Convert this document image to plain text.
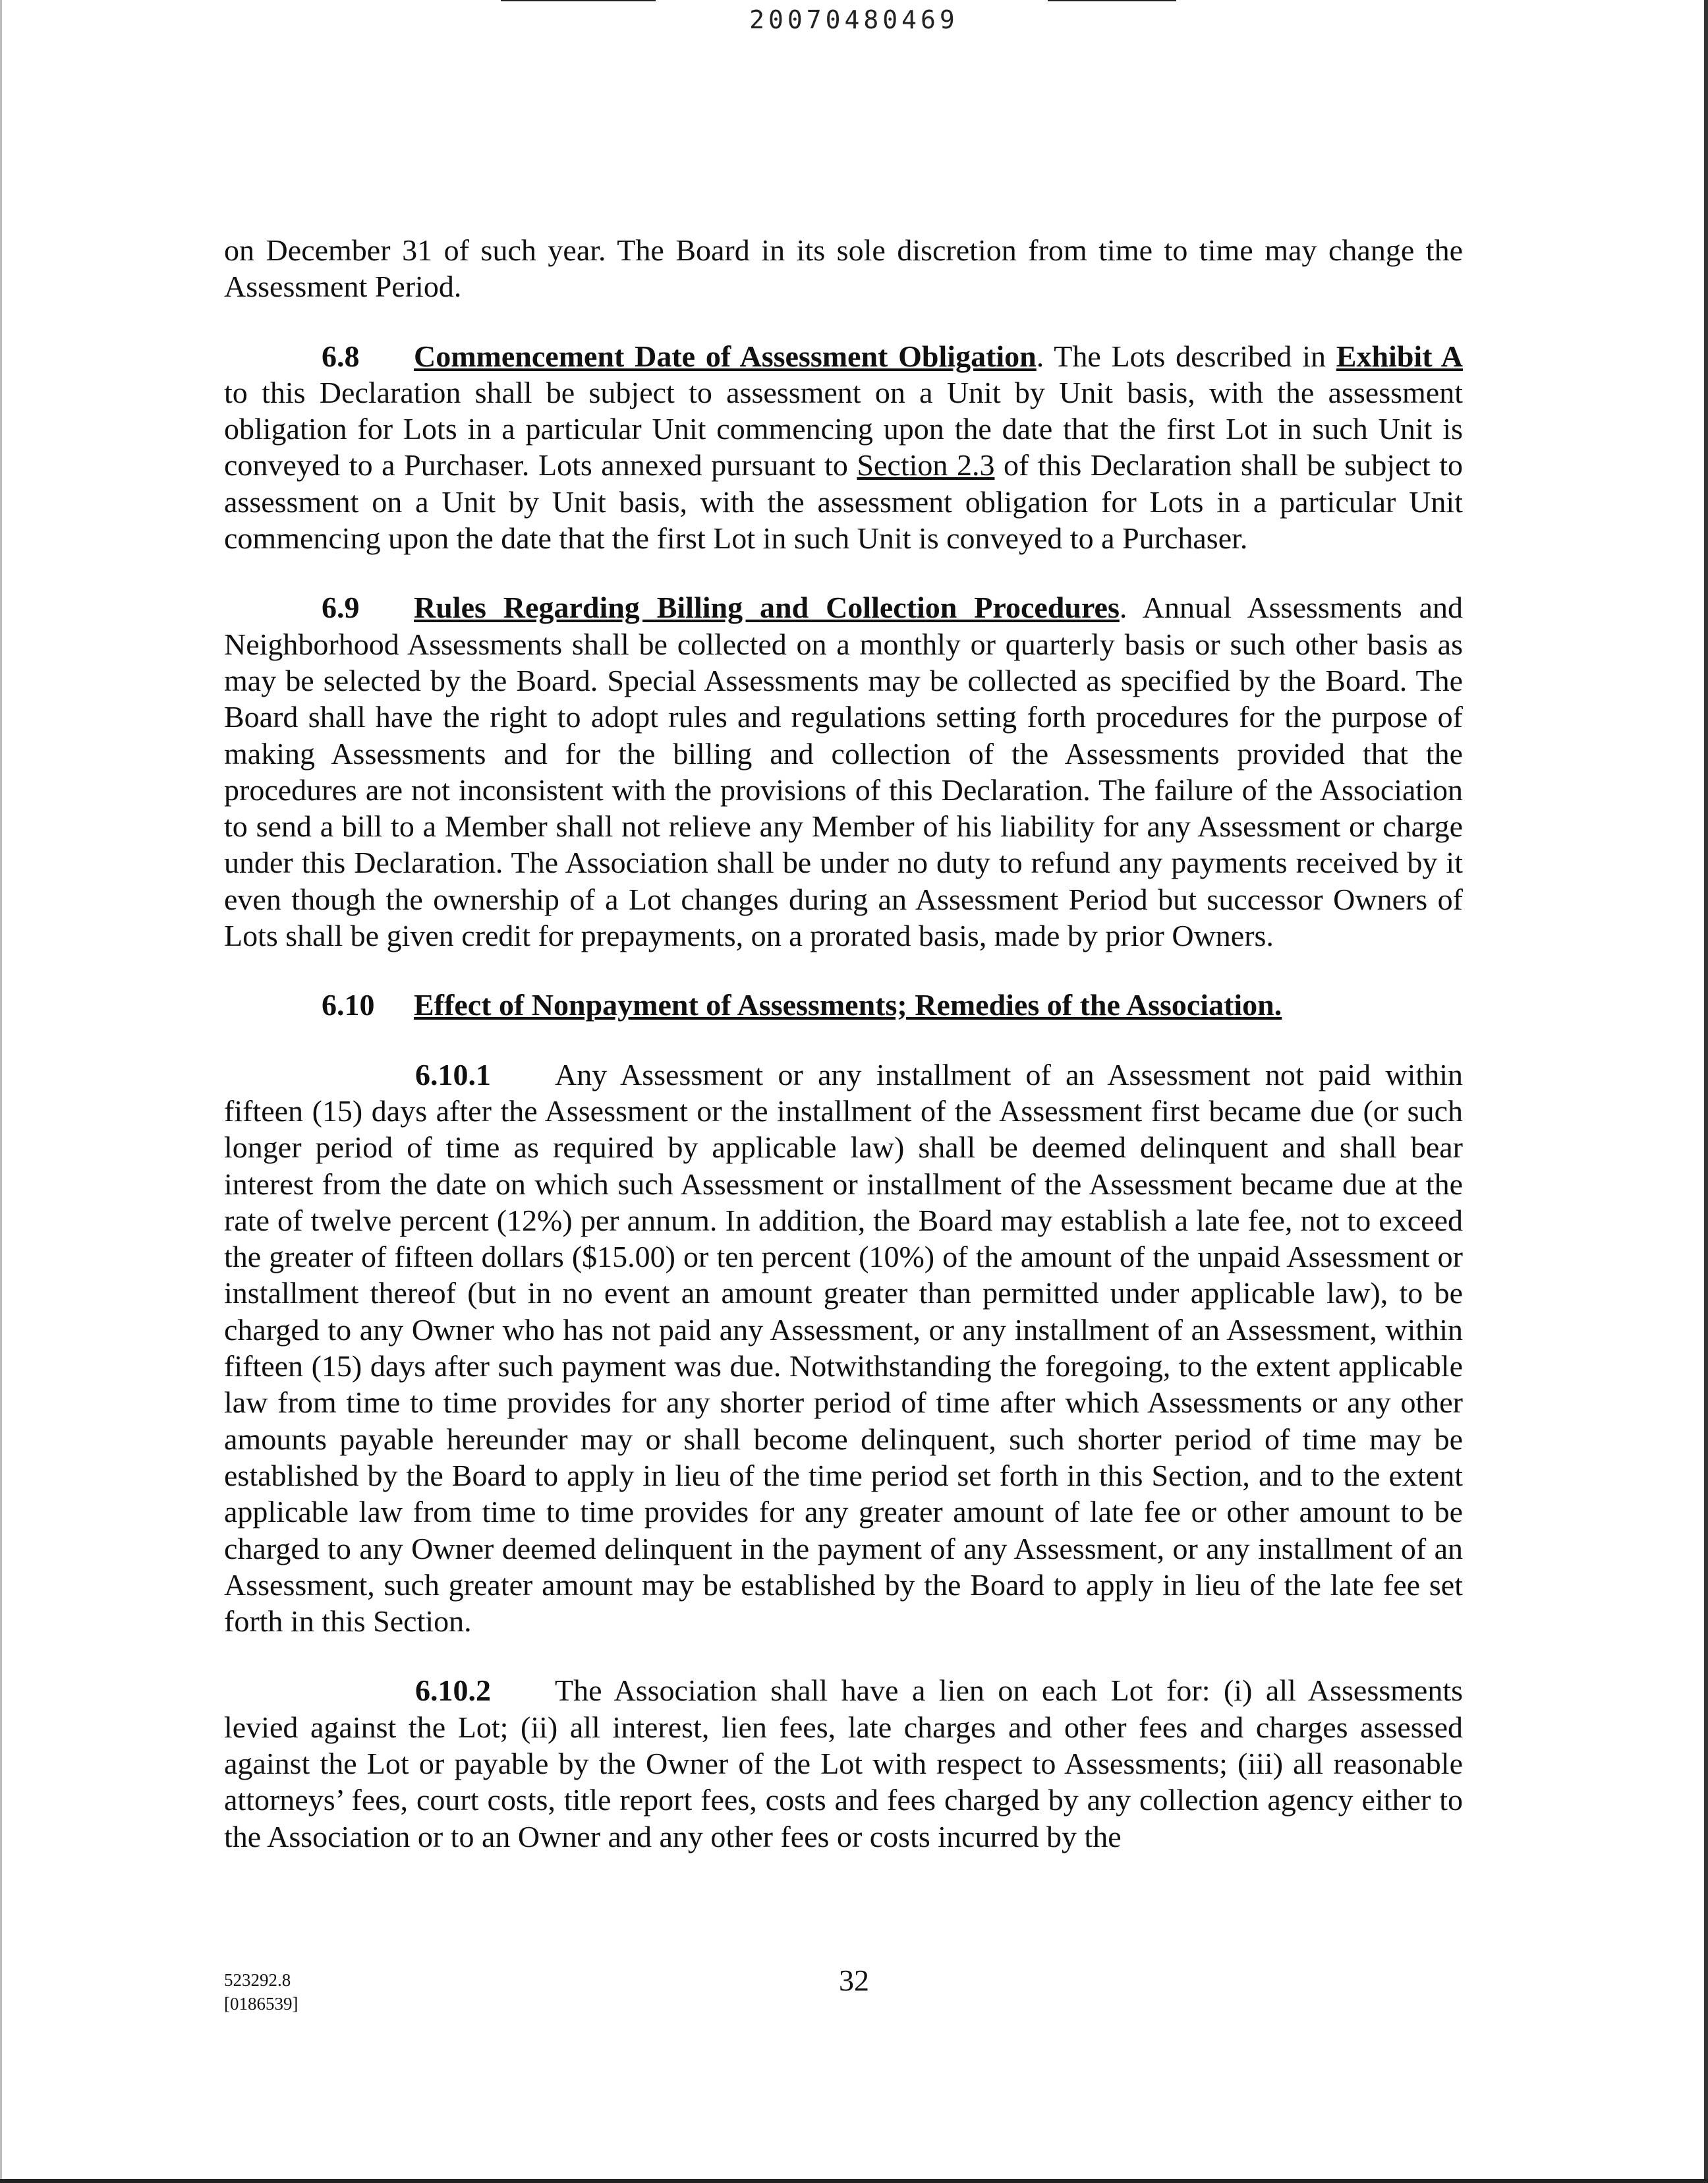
20070480469

on December 31 of such year. The Board in its sole discretion from time to time may change the Assessment Period.

6.8 Commencement Date of Assessment Obligation. The Lots described in Exhibit A to this Declaration shall be subject to assessment on a Unit by Unit basis, with the assessment obligation for Lots in a particular Unit commencing upon the date that the first Lot in such Unit is conveyed to a Purchaser. Lots annexed pursuant to Section 2.3 of this Declaration shall be subject to assessment on a Unit by Unit basis, with the assessment obligation for Lots in a particular Unit commencing upon the date that the first Lot in such Unit is conveyed to a Purchaser.

6.9 Rules Regarding Billing and Collection Procedures. Annual Assessments and Neighborhood Assessments shall be collected on a monthly or quarterly basis or such other basis as may be selected by the Board. Special Assessments may be collected as specified by the Board. The Board shall have the right to adopt rules and regulations setting forth procedures for the purpose of making Assessments and for the billing and collection of the Assessments provided that the procedures are not inconsistent with the provisions of this Declaration. The failure of the Association to send a bill to a Member shall not relieve any Member of his liability for any Assessment or charge under this Declaration. The Association shall be under no duty to refund any payments received by it even though the ownership of a Lot changes during an Assessment Period but successor Owners of Lots shall be given credit for prepayments, on a prorated basis, made by prior Owners.

6.10 Effect of Nonpayment of Assessments; Remedies of the Association.

6.10.1 Any Assessment or any installment of an Assessment not paid within fifteen (15) days after the Assessment or the installment of the Assessment first became due (or such longer period of time as required by applicable law) shall be deemed delinquent and shall bear interest from the date on which such Assessment or installment of the Assessment became due at the rate of twelve percent (12%) per annum. In addition, the Board may establish a late fee, not to exceed the greater of fifteen dollars ($15.00) or ten percent (10%) of the amount of the unpaid Assessment or installment thereof (but in no event an amount greater than permitted under applicable law), to be charged to any Owner who has not paid any Assessment, or any installment of an Assessment, within fifteen (15) days after such payment was due. Notwithstanding the foregoing, to the extent applicable law from time to time provides for any shorter period of time after which Assessments or any other amounts payable hereunder may or shall become delinquent, such shorter period of time may be established by the Board to apply in lieu of the time period set forth in this Section, and to the extent applicable law from time to time provides for any greater amount of late fee or other amount to be charged to any Owner deemed delinquent in the payment of any Assessment, or any installment of an Assessment, such greater amount may be established by the Board to apply in lieu of the late fee set forth in this Section.

6.10.2 The Association shall have a lien on each Lot for: (i) all Assessments levied against the Lot; (ii) all interest, lien fees, late charges and other fees and charges assessed against the Lot or payable by the Owner of the Lot with respect to Assessments; (iii) all reasonable attorneys’ fees, court costs, title report fees, costs and fees charged by any collection agency either to the Association or to an Owner and any other fees or costs incurred by the

523292.8
[0186539]
32
